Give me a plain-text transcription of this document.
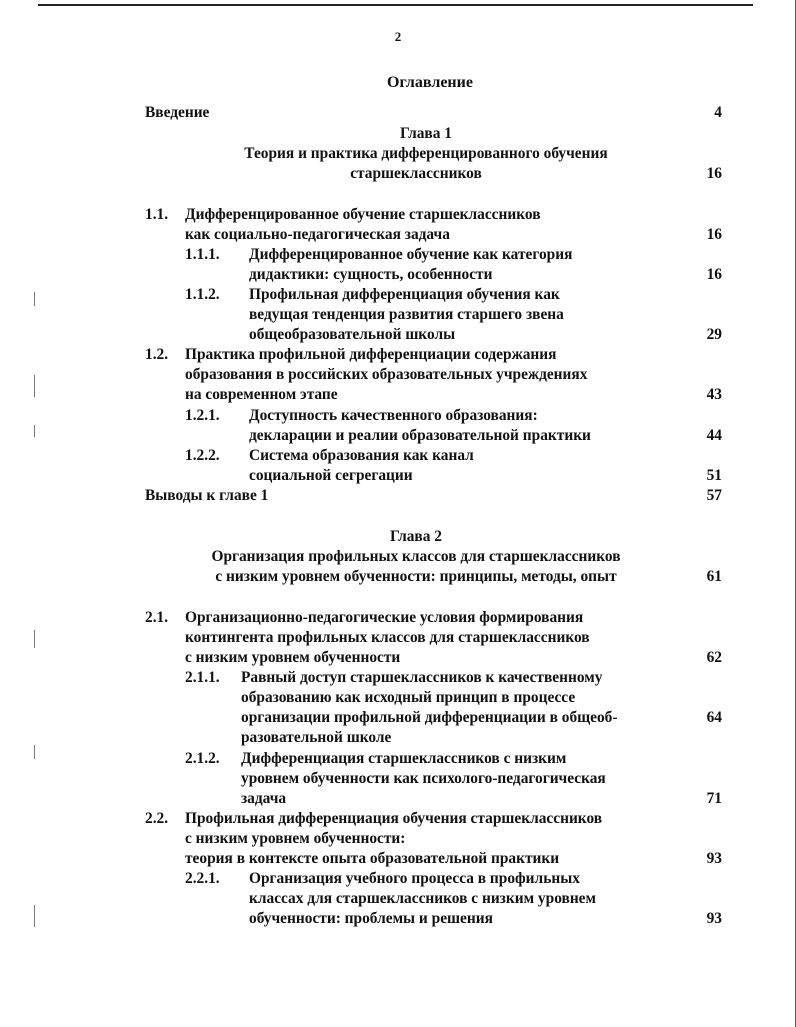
2
Оглавление
Введение	4
Глава 1
Теория и практика дифференцированного обучения
старшеклассников	16
1.1. Дифференцированное обучение старшеклассников
как социально-педагогическая задача	16
1.1.1. Дифференцированное обучение как категория
дидактики: сущность, особенности	16
1.1.2. Профильная дифференциация обучения как
ведущая тенденция развития старшего звена
общеобразовательной школы	29
1.2. Практика профильной дифференциации содержания
образования в российских образовательных учреждениях
на современном этапе	43
1.2.1. Доступность качественного образования:
декларации и реалии образовательной практики	44
1.2.2. Система образования как канал
социальной сегрегации	51
Выводы к главе 1	57
Глава 2
Организация профильных классов для старшеклассников
с низким уровнем обученности: принципы, методы, опыт	61
2.1. Организационно-педагогические условия формирования
контингента профильных классов для старшеклассников
с низким уровнем обученности	62
2.1.1. Равный доступ старшеклассников к качественному
образованию как исходный принцип в процессе
организации профильной дифференциации в общеоб-	64
разовательной школе
2.1.2. Дифференциация старшеклассников с низким
уровнем обученности как психолого-педагогическая
задача	71
2.2. Профильная дифференциация обучения старшеклассников
с низким уровнем обученности:
теория в контексте опыта образовательной практики	93
2.2.1. Организация учебного процесса в профильных
классах для старшеклассников с низким уровнем
обученности: проблемы и решения	93
